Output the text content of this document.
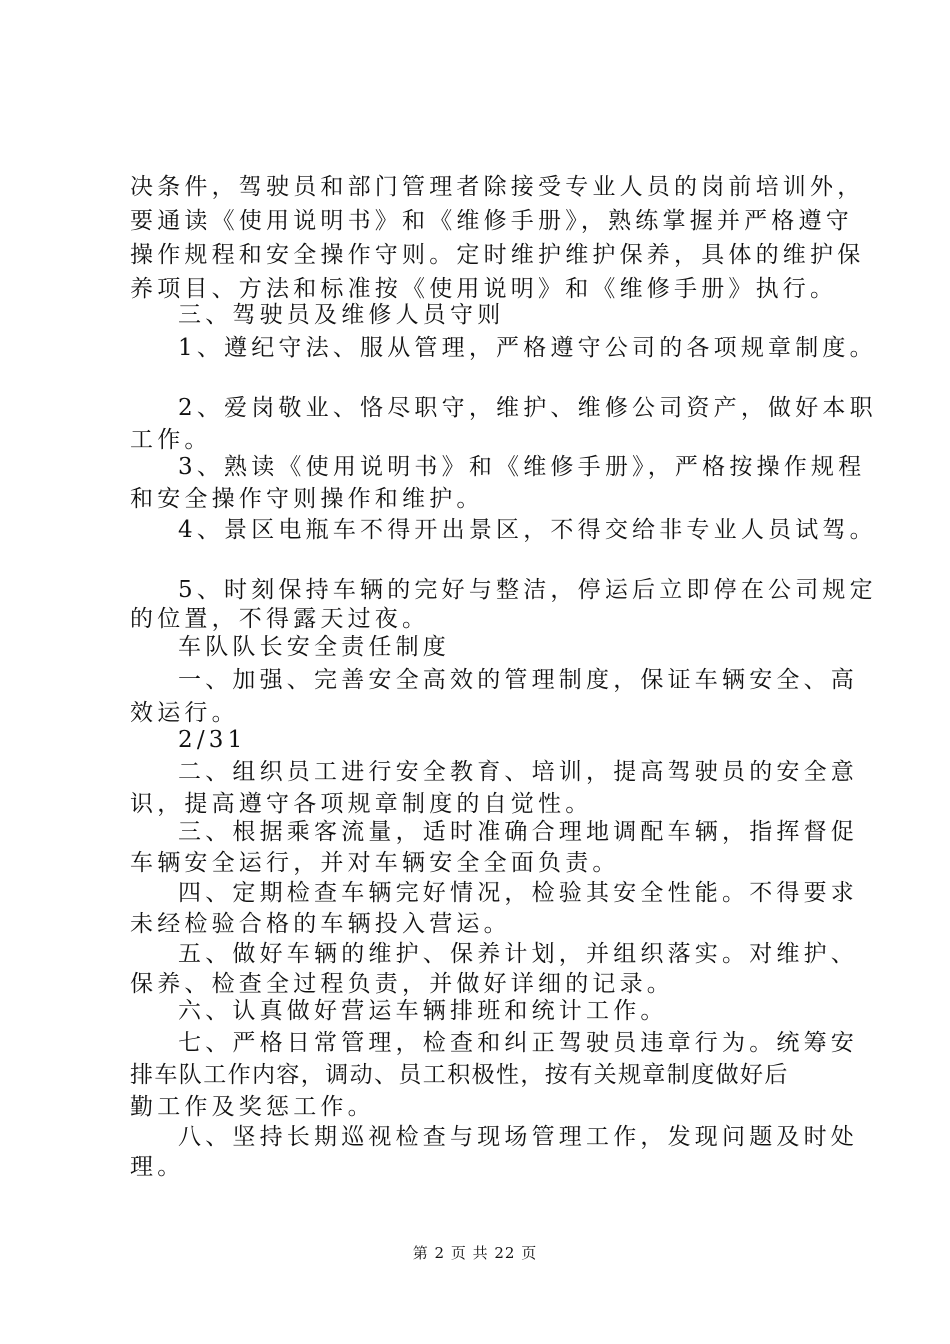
决条件，驾驶员和部门管理者除接受专业人员的岗前培训外，
要通读《使用说明书》和《维修手册》，熟练掌握并严格遵守
操作规程和安全操作守则。定时维护维护保养，具体的维护保
养项目、方法和标准按《使用说明》和《维修手册》执行。
三、驾驶员及维修人员守则
1、遵纪守法、服从管理，严格遵守公司的各项规章制度。
2、爱岗敬业、恪尽职守，维护、维修公司资产，做好本职
工作。
3、熟读《使用说明书》和《维修手册》，严格按操作规程
和安全操作守则操作和维护。
4、景区电瓶车不得开出景区，不得交给非专业人员试驾。
5、时刻保持车辆的完好与整洁，停运后立即停在公司规定
的位置，不得露天过夜。
车队队长安全责任制度
一、加强、完善安全高效的管理制度，保证车辆安全、高
效运行。
2/31
二、组织员工进行安全教育、培训，提高驾驶员的安全意
识，提高遵守各项规章制度的自觉性。
三、根据乘客流量，适时准确合理地调配车辆，指挥督促
车辆安全运行，并对车辆安全全面负责。
四、定期检查车辆完好情况，检验其安全性能。不得要求
未经检验合格的车辆投入营运。
五、做好车辆的维护、保养计划，并组织落实。对维护、
保养、检查全过程负责，并做好详细的记录。
六、认真做好营运车辆排班和统计工作。
七、严格日常管理，检查和纠正驾驶员违章行为。统筹安
排车队工作内容，调动、员工积极性，按有关规章制度做好后
勤工作及奖惩工作。
八、坚持长期巡视检查与现场管理工作，发现问题及时处
理。
第 2 页 共 22 页
